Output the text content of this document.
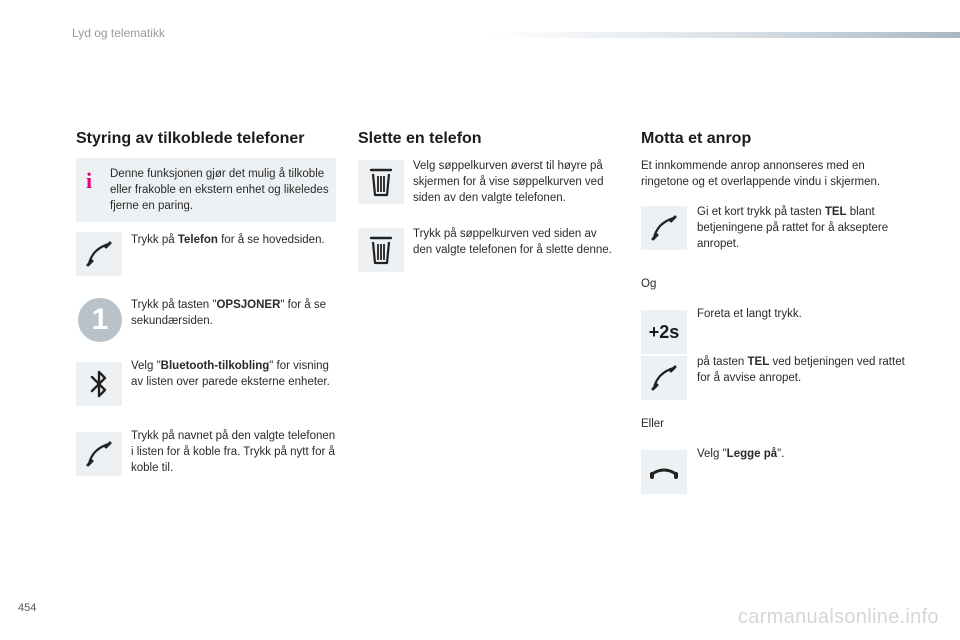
Lyd og telematikk
Styring av tilkoblede telefoner
i Denne funksjonen gjør det mulig å tilkoble eller frakoble en ekstern enhet og likeledes fjerne en paring.
Trykk på Telefon for å se hovedsiden.
1 Trykk på tasten "OPSJONER" for å se sekundærsiden.
Velg "Bluetooth-tilkobling" for visning av listen over parede eksterne enheter.
Trykk på navnet på den valgte telefonen i listen for å koble fra. Trykk på nytt for å koble til.
Slette en telefon
Velg søppelkurven øverst til høyre på skjermen for å vise søppelkurven ved siden av den valgte telefonen.
Trykk på søppelkurven ved siden av den valgte telefonen for å slette denne.
Motta et anrop
Et innkommende anrop annonseres med en ringetone og et overlappende vindu i skjermen.
Gi et kort trykk på tasten TEL blant betjeningene på rattet for å akseptere anropet.
Og
+2s
Foreta et langt trykk.
på tasten TEL ved betjeningen ved rattet for å avvise anropet.
Eller
Velg "Legge på".
454	carmanualsonline.info
